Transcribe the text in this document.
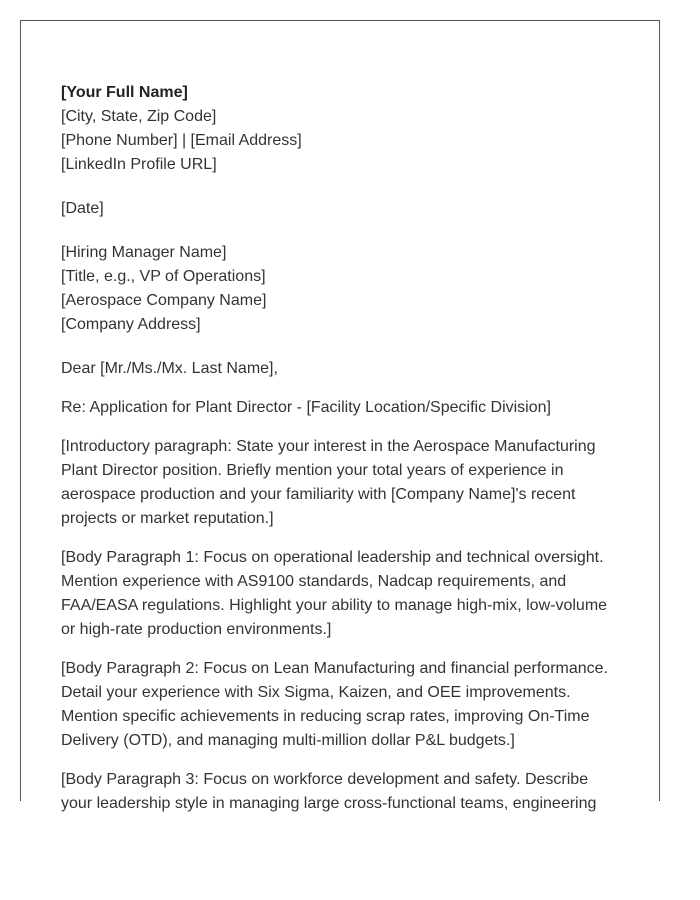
[Your Full Name]
[City, State, Zip Code]
[Phone Number] | [Email Address]
[LinkedIn Profile URL]
[Date]
[Hiring Manager Name]
[Title, e.g., VP of Operations]
[Aerospace Company Name]
[Company Address]

Dear [Mr./Ms./Mx. Last Name],

Re: Application for Plant Director - [Facility Location/Specific Division]

[Introductory paragraph: State your interest in the Aerospace Manufacturing Plant Director position. Briefly mention your total years of experience in aerospace production and your familiarity with [Company Name]'s recent projects or market reputation.]

[Body Paragraph 1: Focus on operational leadership and technical oversight. Mention experience with AS9100 standards, Nadcap requirements, and FAA/EASA regulations. Highlight your ability to manage high-mix, low-volume or high-rate production environments.]

[Body Paragraph 2: Focus on Lean Manufacturing and financial performance. Detail your experience with Six Sigma, Kaizen, and OEE improvements. Mention specific achievements in reducing scrap rates, improving On-Time Delivery (OTD), and managing multi-million dollar P&L budgets.]

[Body Paragraph 3: Focus on workforce development and safety. Describe your leadership style in managing large cross-functional teams, engineering
